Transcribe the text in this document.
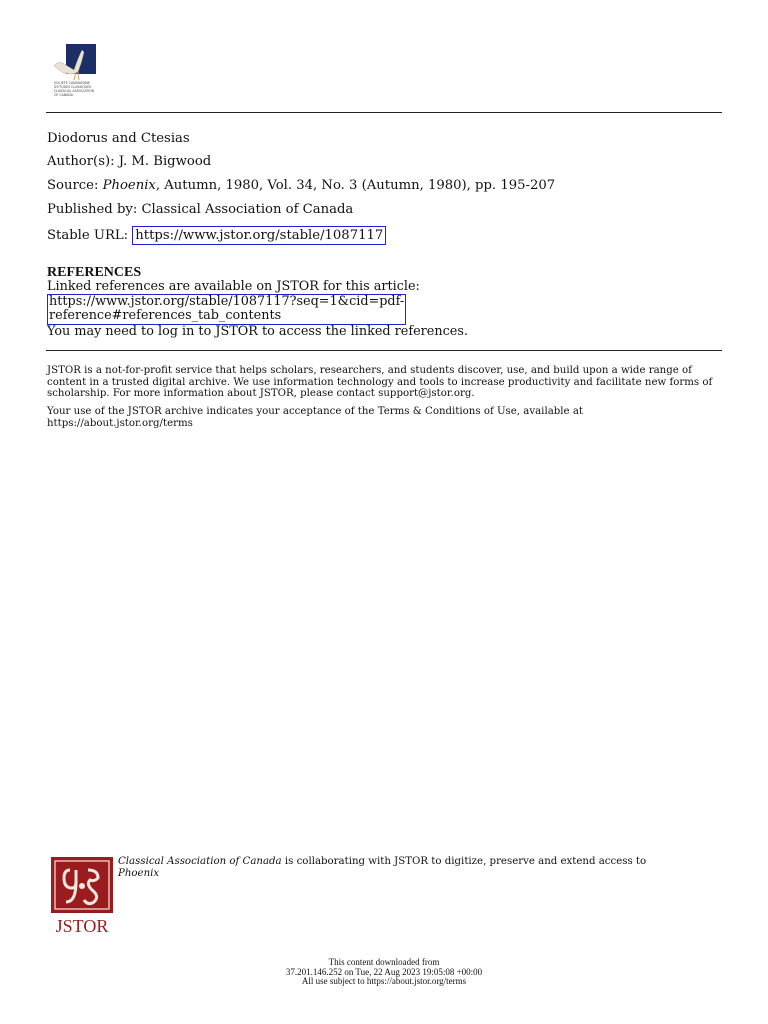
SOCIETE CANADIENNE
D'ETUDES CLASSIQUES
CLASSICAL ASSOCIATION
OF CANADA
Diodorus and Ctesias
Author(s): J. M. Bigwood
Source: Phoenix, Autumn, 1980, Vol. 34, No. 3 (Autumn, 1980), pp. 195-207
Published by: Classical Association of Canada
Stable URL: https://www.jstor.org/stable/1087117
REFERENCES
Linked references are available on JSTOR for this article:
https://www.jstor.org/stable/1087117?seq=1&cid=pdf-
reference#references_tab_contents
You may need to log in to JSTOR to access the linked references.
JSTOR is a not-for-profit service that helps scholars, researchers, and students discover, use, and build upon a wide range of content in a trusted digital archive. We use information technology and tools to increase productivity and facilitate new forms of scholarship. For more information about JSTOR, please contact support@jstor.org.
Your use of the JSTOR archive indicates your acceptance of the Terms & Conditions of Use, available at https://about.jstor.org/terms
JSTOR
Classical Association of Canada is collaborating with JSTOR to digitize, preserve and extend access to Phoenix
This content downloaded from
37.201.146.252 on Tue, 22 Aug 2023 19:05:08 +00:00
All use subject to https://about.jstor.org/terms
